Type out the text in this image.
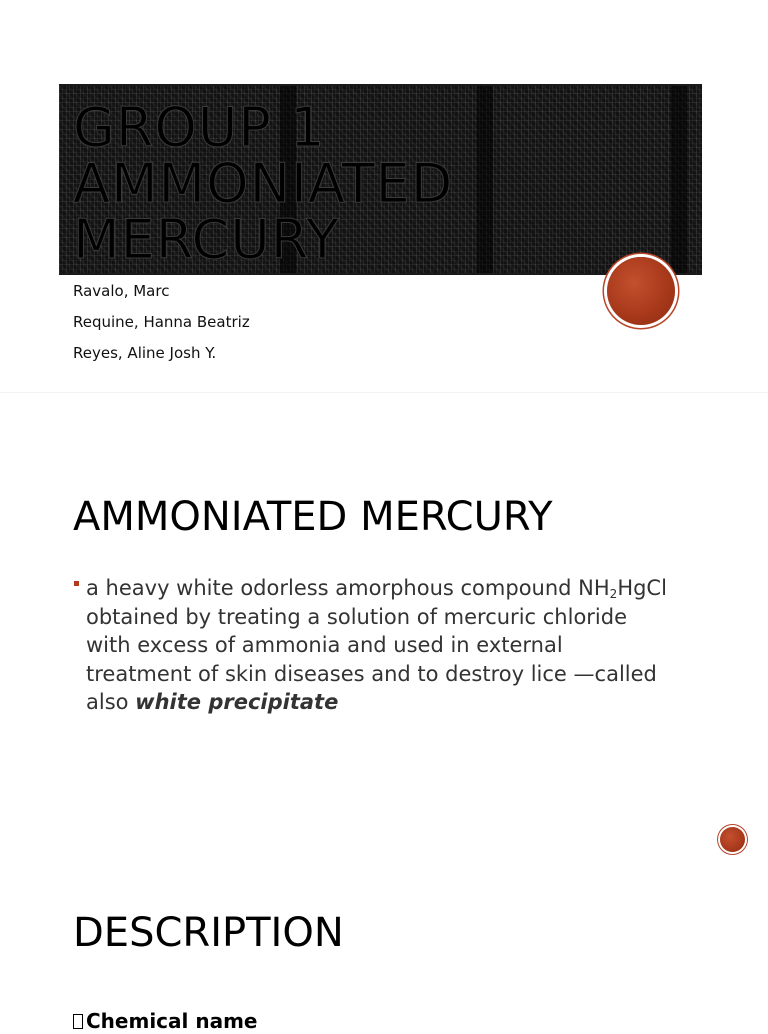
GROUP 1
AMMONIATED
MERCURY
Ravalo, Marc
Requine, Hanna Beatriz
Reyes, Aline Josh Y.
AMMONIATED MERCURY
a heavy white odorless amorphous compound $NH_2HgCl$ obtained by treating a solution of mercuric chloride with excess of ammonia and used in external treatment of skin diseases and to destroy lice —called also white precipitate
DESCRIPTION
Chemical name
